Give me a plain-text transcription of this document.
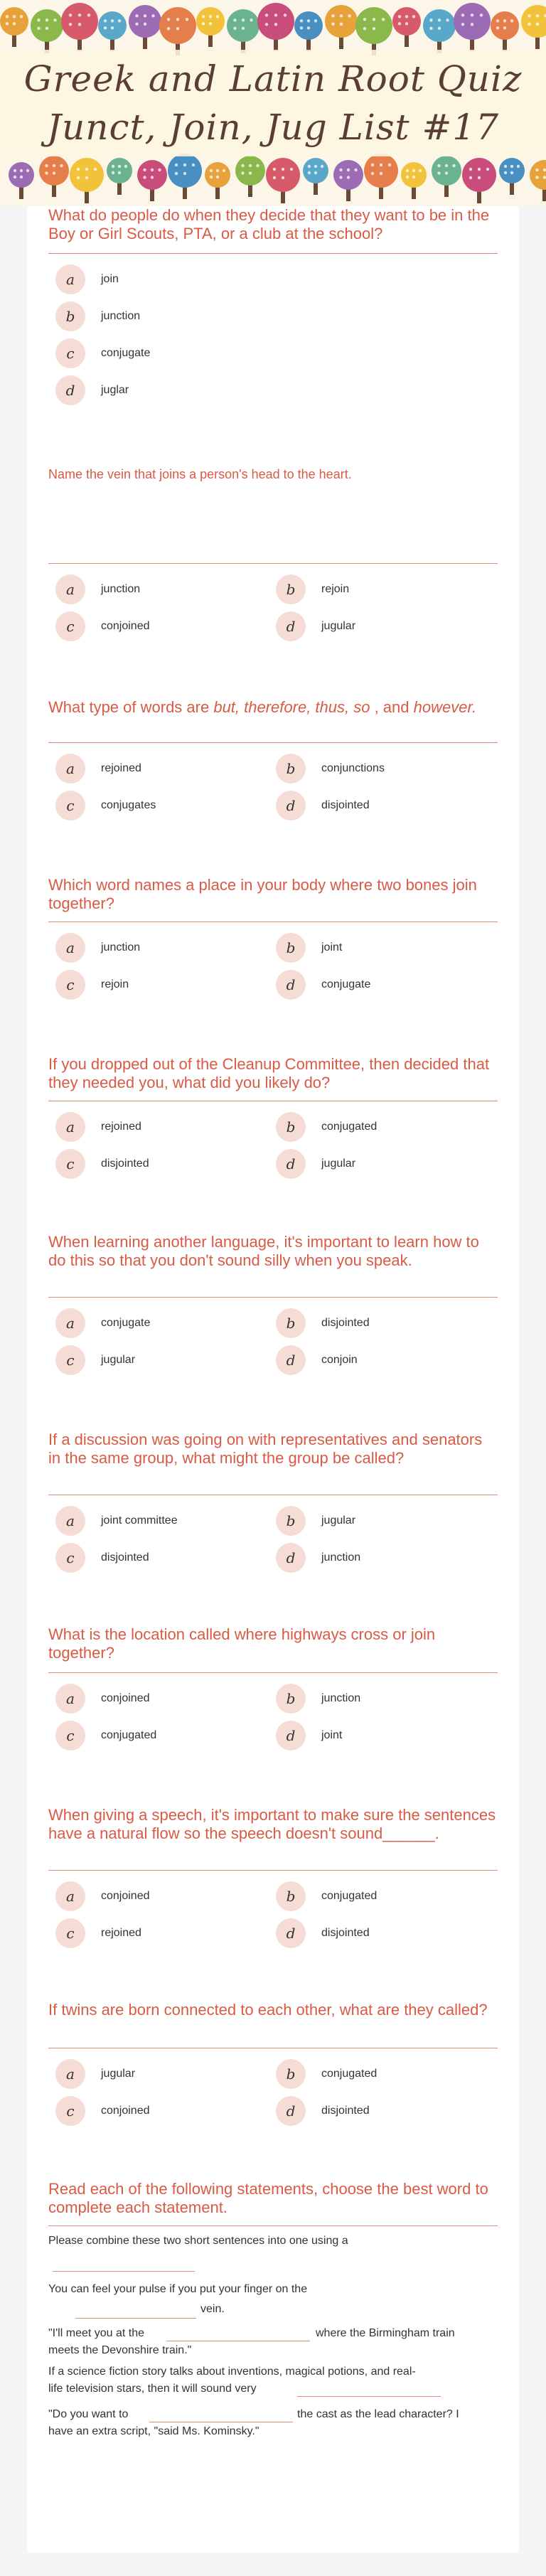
Greek and Latin Root Quiz
Junct, Join, Jug List #17
What do people do when they decide that they want to be in the Boy or Girl Scouts, PTA, or a club at the school?
a	join
b	junction
c	conjugate
d	juglar
Name the vein that joins a person's head to the heart.
a	junction	b	rejoin
c	conjoined	d	jugular
What type of words are but, therefore, thus, so , and however.
a	rejoined	b	conjunctions
c	conjugates	d	disjointed
Which word names a place in your body where two bones join together?
a	junction	b	joint
c	rejoin	d	conjugate
If you dropped out of the Cleanup Committee, then decided that they needed you, what did you likely do?
a	rejoined	b	conjugated
c	disjointed	d	jugular
When learning another language, it's important to learn how to do this so that you don't sound silly when you speak.
a	conjugate	b	disjointed
c	jugular	d	conjoin
If a discussion was going on with representatives and senators in the same group, what might the group be called?
a	joint committee	b	jugular
c	disjointed	d	junction
What is the location called where highways cross or join together?
a	conjoined	b	junction
c	conjugated	d	joint
When giving a speech, it's important to make sure the sentences have a natural flow so the speech doesn't sound______.
a	conjoined	b	conjugated
c	rejoined	d	disjointed
If twins are born connected to each other, what are they called?
a	jugular	b	conjugated
c	conjoined	d	disjointed
Read each of the following statements, choose the best word to complete each statement.
Please combine these two short sentences into one using a
You can feel your pulse if you put your finger on the
vein.
"I'll meet you at the	where the Birmingham train
meets the Devonshire train."
If a science fiction story talks about inventions, magical potions, and real-
life television stars, then it will sound very
"Do you want to	the cast as the lead character? I
have an extra script, "said Ms. Kominsky."
